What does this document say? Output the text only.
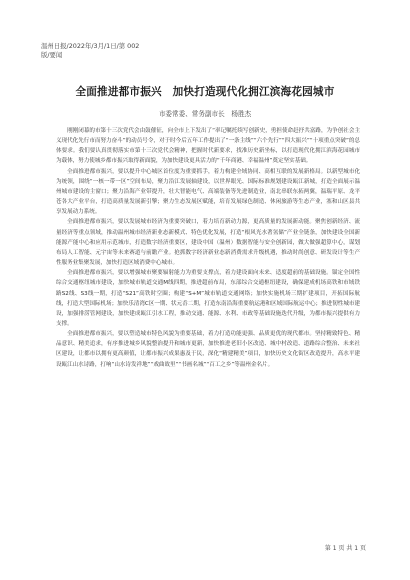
温州日报/2022年/3月/1日/第 002
版/要闻
全面推进都市振兴　加快打造现代化拥江滨海花园城市
市委常委、常务副市长　杨胜杰

刚刚闭幕的市第十三次党代会由鼓催征，向全市上下发出了“率记嘱托续写创新史，勇担使命赶抒共富路，为争创社会主义现代化先行市而努力奋斗”的动员号令，对于时今后五年工作提出了“一条主线”“六个先行”“四大振兴”“十项重点突破”的总体要求。我们要认真贯彻落实市第十三次党代会精神，把握时代新要求，找准历史新坐标，以打造现代化拥江滨海花园城市为载体，努力使城乡都市振兴取得新面貌，为加快建设更具活力的“千年商港、幸福温州”奠定坚实基础。

全面推进都市振兴，要以提升中心城区首位度为重要抓手，着力构建全域协同、高相互联的发展新格局。以新型城市化为统领，围绕“一核一带一区”空间布局，聚力沿江发展轴建设，以世界眼光、国际标准规划建设瓯江新城，打造全面展示温州城市建设的主窗口；聚力沿海产业带提升，壮大智能电气、高端装备等先进制造业，南北串联东拓两翼，温瑞平原、龙平苍各大产业平台，打造高质量发展新引擎；聚力生态发展区赋能，培育发展绿色制造、休闲旅游等生态产业，塞和山区县共享发展动力系统。

全面推进都市振兴，要以发展城市经济为重要突破口，着力培育新动力源，更高质量的发展新动能。聚焦创新经济、流量经济等重点领域，推动温州城市经济新业态新模式、特色优化发展，打造“根风光水著氢储”产业全链条，加快建设全国新能源产能中心和应用示范城市，打造数字经济重要区，建设中国（温州）数据智能与安全创新园，做大做强超算中心，谋划布局人工智能、元宇宙等未来赛道与前瞻产业。抢抓数字经济新业态新消费需求升级机遇，推动时尚创意、研发设计等生产性服务业集聚发展，加快打造区域消费中心城市。

全面推进都市振兴，要以增强城市聚要辐射能力为重要支撑点，着力建设面向未来、适度超前的基础设施。锚定全国性综合交通枢纽城市建设，加快城市轨道交通M线四期，推进超前布局，东部综合交通枢纽建设，确保建成机场高铁和市域铁路S2线、S3线一期，打造“S21”高铁时空圈；构建“S+M”城市轨道交通网络；加快实施机场三期扩建项目，开拓国际航线，打造大型国际机场；加快乐清湾C区一期、状元岙二期，打造东南沿海重要航运港和区域国际航运中心；推进韧性城市建设，加强排涝管网建设，加快建成瓯江引水工程，推动交通、能源、水利、市政等基础设施迭代升级，为都市振兴提供有力支撑。

全面推进都市振兴，要以塑造城市特色风貌为重要基础，着力打造功能更强、品质更优的现代都市。坚持精致特色、精品意识、精美追求，有序推进城乡风貌整治提升和城市更新，加快推进老旧小区改造、城中村改造、道路综合整治、未来社区建设，让都市以拥有更高颜值，让都市振兴成果惠及于民，深化“精建精美”项目，加快历史文化街区改造提升，高水平建设瓯江山水诗路，打响“山水诗发祥地”“戏曲故里”“书画名城”“百工之乡”等温州金名片。

第 1 页 共 1 页
